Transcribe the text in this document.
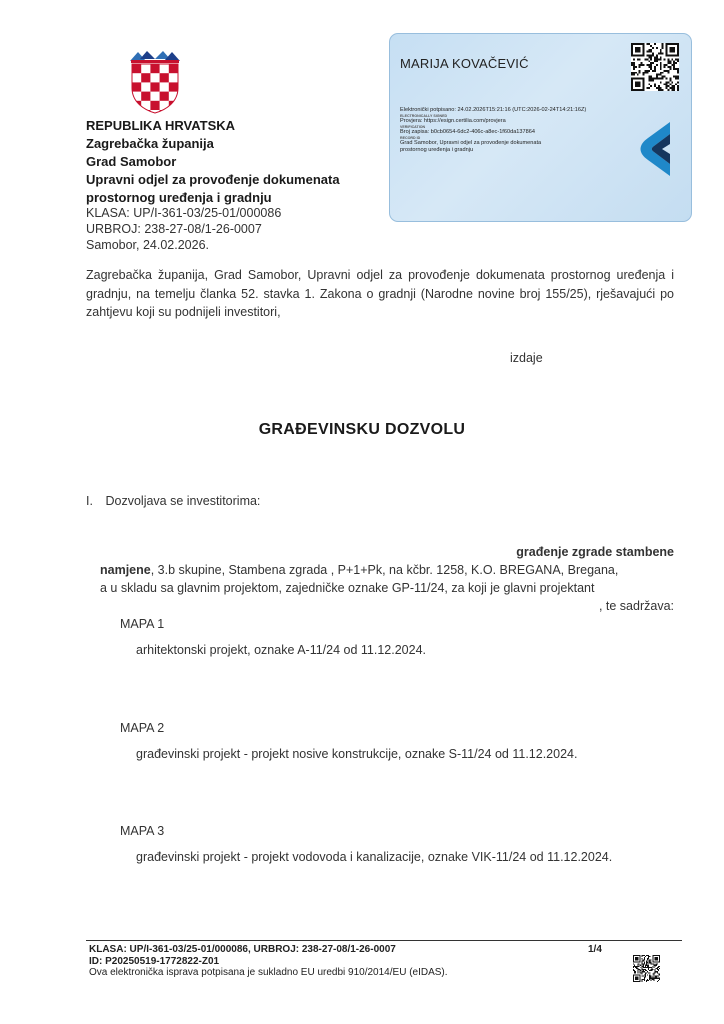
REPUBLIKA HRVATSKA
Zagrebačka županija
Grad Samobor
Upravni odjel za provođenje dokumenata
prostornog uređenja i gradnju
KLASA: UP/I-361-03/25-01/000086
URBROJ: 238-27-08/1-26-0007
Samobor, 24.02.2026.
MARIJA KOVAČEVIĆ
Elektronički potpisano: 24.02.2026T15:21:16 (UTC:2026-02-24T14:21:16Z)
ELECTRONICALLY SIGNED
Provjera: https://esign.certilia.com/provjera
VERIFICATION
Broj zapisa: b0cb0654-6dc2-406c-a8ec-1f60da137864
RECORD ID
Grad Samobor, Upravni odjel za provođenje dokumenata
prostornog uređenja i gradnju
Zagrebačka županija, Grad Samobor, Upravni odjel za provođenje dokumenata prostornog uređenja i gradnju, na temelju članka 52. stavka 1. Zakona o gradnji (Narodne novine broj 155/25), rješavajući po zahtjevu koji su podnijeli investitori,
izdaje
GRAĐEVINSKU DOZVOLU
I. Dozvoljava se investitorima:
građenje zgrade stambene
namjene, 3.b skupine, Stambena zgrada , P+1+Pk, na kčbr. 1258, K.O. BREGANA, Bregana,
a u skladu sa glavnim projektom, zajedničke oznake GP-11/24, za koji je glavni projektant
, te sadržava:
MAPA 1
arhitektonski projekt, oznake A-11/24 od 11.12.2024.
MAPA 2
građevinski projekt - projekt nosive konstrukcije, oznake S-11/24 od 11.12.2024.
MAPA 3
građevinski projekt - projekt vodovoda i kanalizacije, oznake VIK-11/24 od 11.12.2024.
KLASA: UP/I-361-03/25-01/000086, URBROJ: 238-27-08/1-26-0007
ID: P20250519-1772822-Z01
Ova elektronička isprava potpisana je sukladno EU uredbi 910/2014/EU (eIDAS).
1/4
